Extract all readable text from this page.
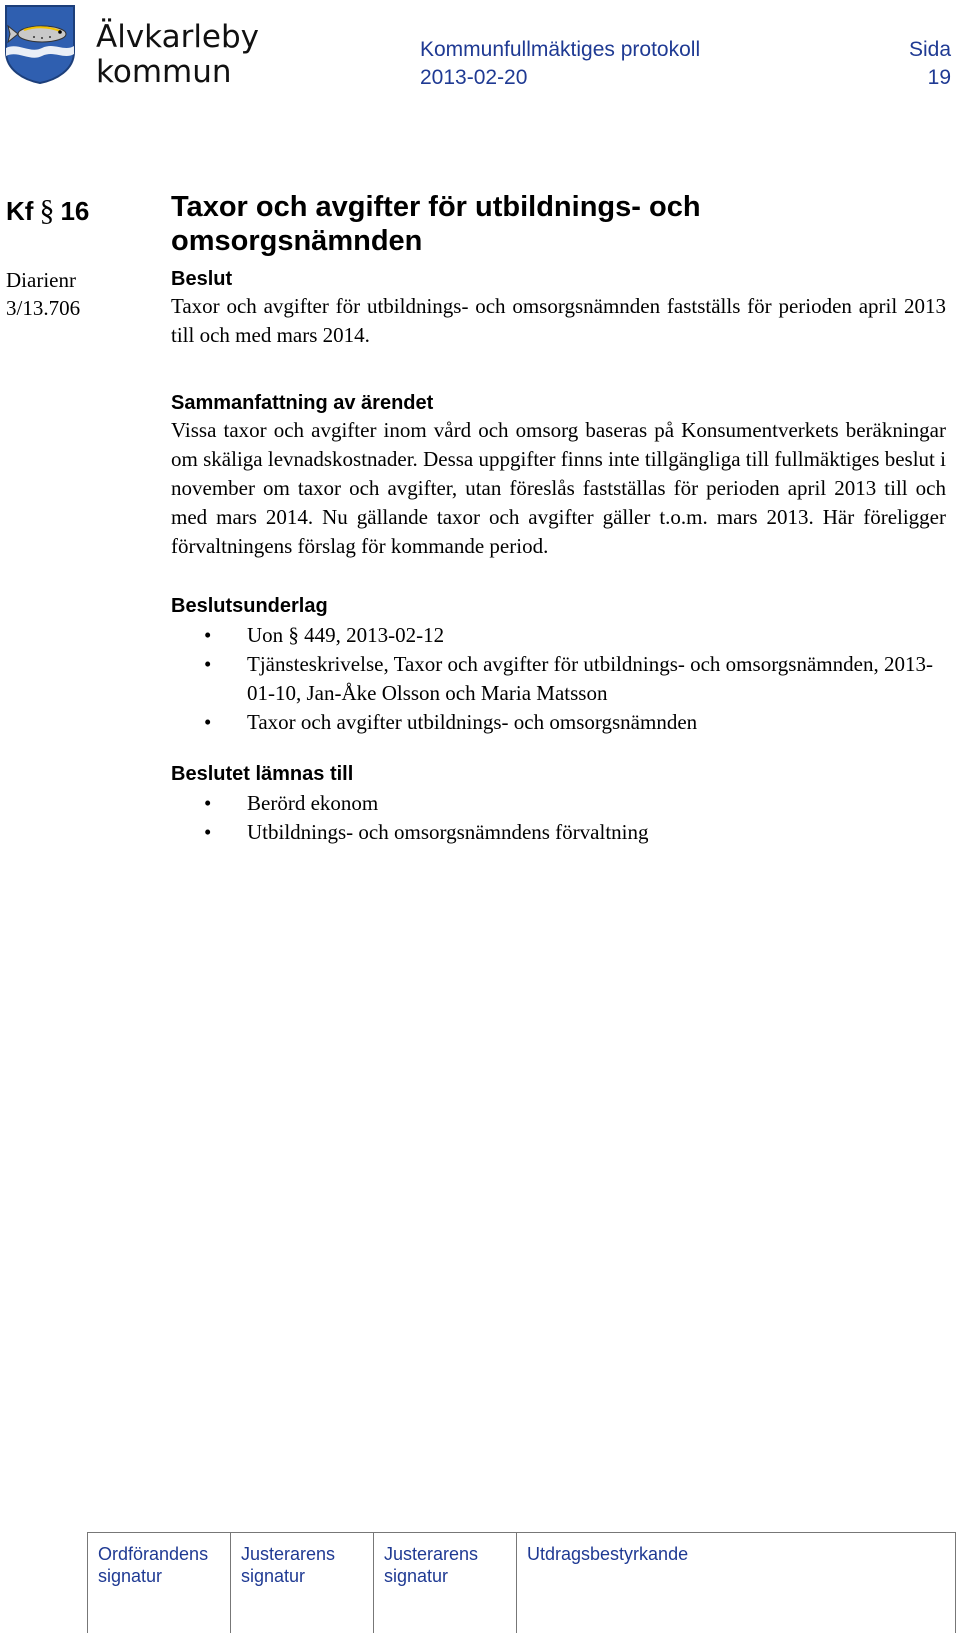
Älvkarleby
kommun
Kommunfullmäktiges protokoll
2013-02-20
Sida
19
Kf § 16
Diarienr
3/13.706
Taxor och avgifter för utbildnings- och omsorgsnämnden
Beslut

Taxor och avgifter för utbildnings- och omsorgsnämnden fastställs för perioden april 2013 till och med mars 2014.

Sammanfattning av ärendet

Vissa taxor och avgifter inom vård och omsorg baseras på Konsumentverkets beräkningar om skäliga levnadskostnader. Dessa uppgifter finns inte tillgängliga till fullmäktiges beslut i november om taxor och avgifter, utan föreslås fastställas för perioden april 2013 till och med mars 2014. Nu gällande taxor och avgifter gäller t.o.m. mars 2013. Här föreligger förvaltningens förslag för kommande period.

Beslutsunderlag
• Uon § 449, 2013-02-12
• Tjänsteskrivelse, Taxor och avgifter för utbildnings- och omsorgsnämnden, 2013-01-10, Jan-Åke Olsson och Maria Matsson
• Taxor och avgifter utbildnings- och omsorgsnämnden
Beslutet lämnas till
• Berörd ekonom
• Utbildnings- och omsorgsnämndens förvaltning
Ordförandens
signatur
Justerarens
signatur
Justerarens
signatur
Utdragsbestyrkande
